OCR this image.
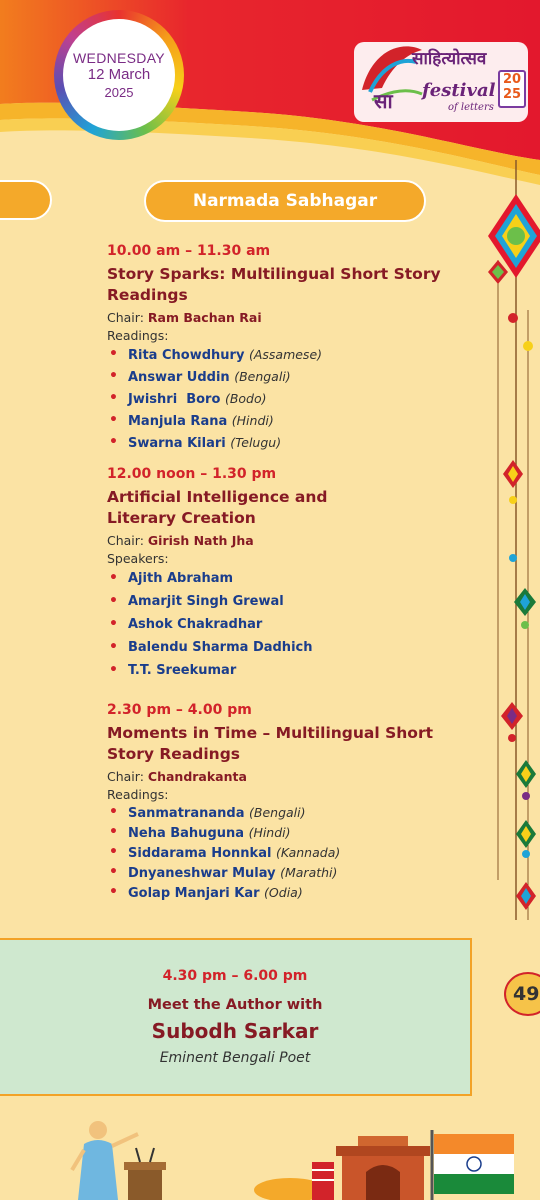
WEDNESDAY
12 March
2025	सा
साहित्योत्सव
festival
of letters
20
25
Narmada Sabhagar
10.00 am – 11.30 am
Story Sparks: Multilingual Short Story Readings
Chair: Ram Bachan Rai
Readings:
• Rita Chowdhury (Assamese)
• Answar Uddin (Bengali)
• Jwishri  Boro (Bodo)
• Manjula Rana (Hindi)
• Swarna Kilari (Telugu)
12.00 noon – 1.30 pm
Artificial Intelligence and
Literary Creation
Chair: Girish Nath Jha
Speakers:
• Ajith Abraham
• Amarjit Singh Grewal
• Ashok Chakradhar
• Balendu Sharma Dadhich
• T.T. Sreekumar
2.30 pm – 4.00 pm
Moments in Time – Multilingual Short Story Readings
Chair: Chandrakanta
Readings:
• Sanmatrananda (Bengali)
• Neha Bahuguna (Hindi)
• Siddarama Honnkal (Kannada)
• Dnyaneshwar Mulay (Marathi)
• Golap Manjari Kar (Odia)
4.30 pm – 6.00 pm
Meet the Author with
Subodh Sarkar
Eminent Bengali Poet
49
